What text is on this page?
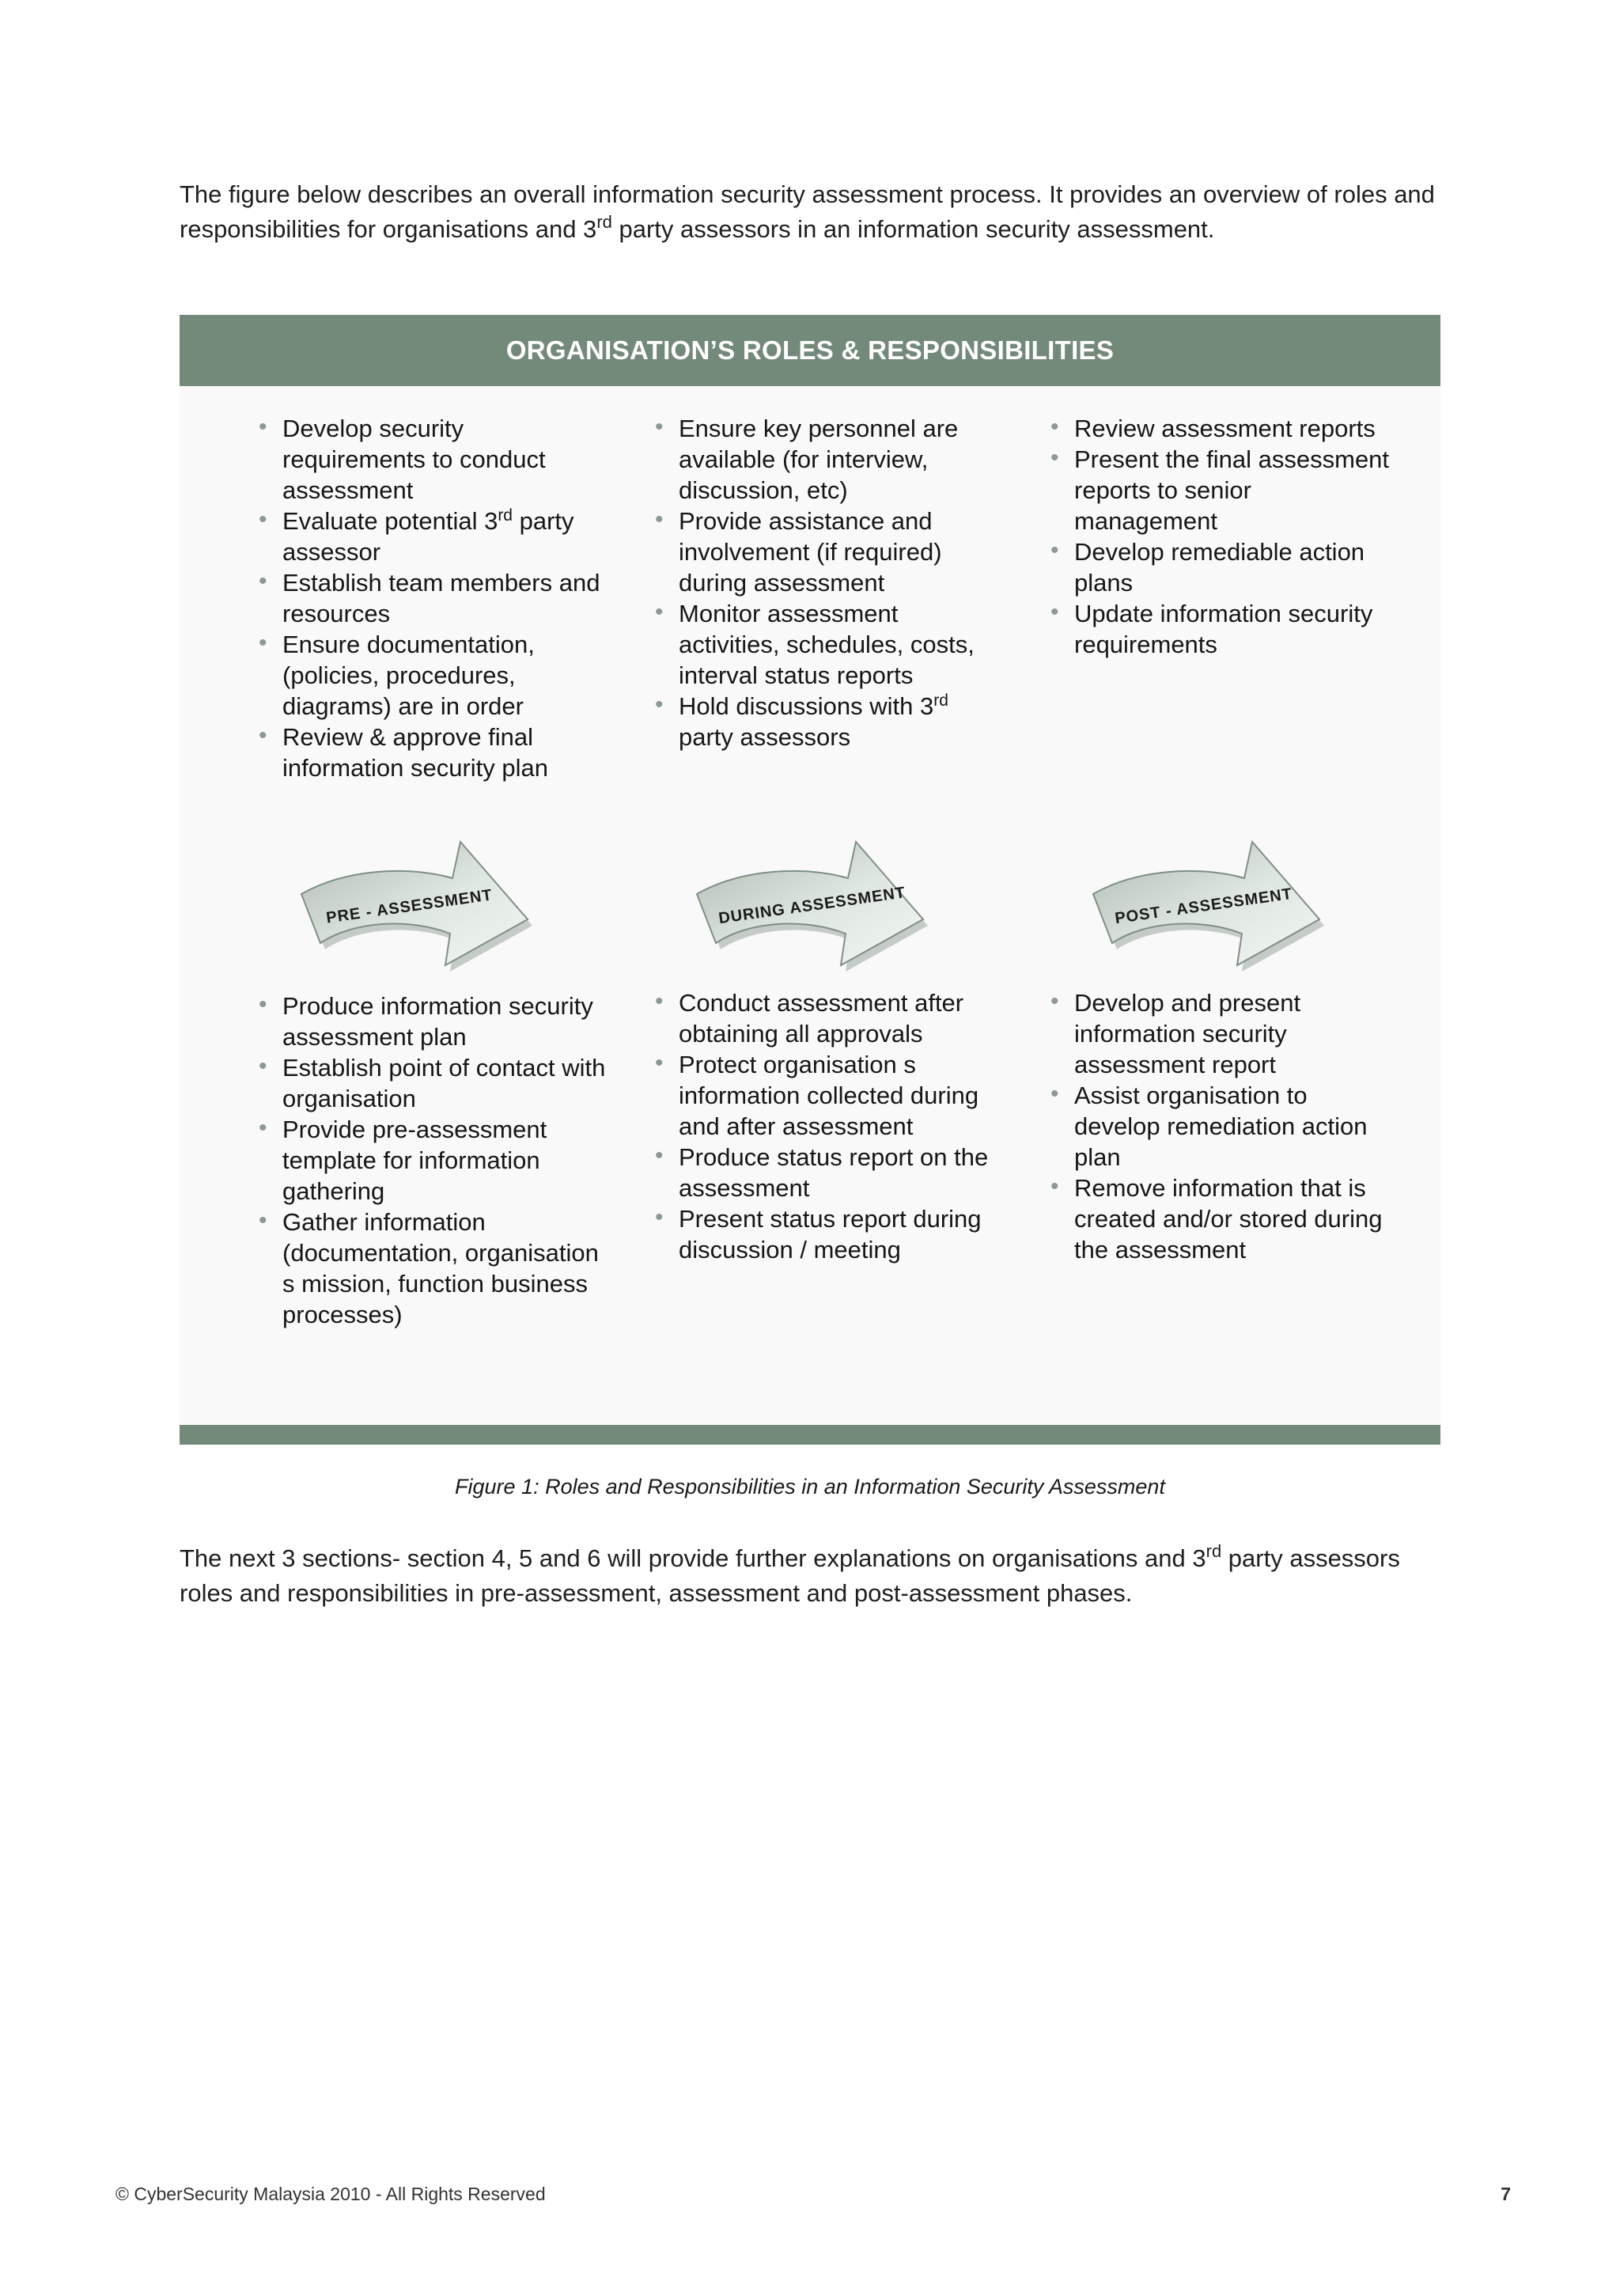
The figure below describes an overall information security assessment process. It provides an overview of roles and responsibilities for organisations and 3rd party assessors in an information security assessment.

ORGANISATION’S ROLES & RESPONSIBILITIES
• Develop security requirements to conduct assessment
• Evaluate potential 3rd party assessor
• Establish team members and resources
• Ensure documentation, (policies, procedures, diagrams) are in order
• Review & approve final information security plan
• Ensure key personnel are available (for interview, discussion, etc)
• Provide assistance and involvement (if required) during assessment
• Monitor assessment activities, schedules, costs, interval status reports
• Hold discussions with 3rd party assessors
• Review assessment reports
• Present the final assessment reports to senior management
• Develop remediable action plans
• Update information security requirements
PRE - ASSESSMENT	DURING ASSESSMENT	POST - ASSESSMENT
• Produce information security assessment plan
• Establish point of contact with organisation
• Provide pre-assessment template for information gathering
• Gather information (documentation, organisation s mission, function business processes)
• Conduct assessment after obtaining all approvals
• Protect organisation s information collected during and after assessment
• Produce status report on the assessment
• Present status report during discussion / meeting
• Develop and present information security assessment report
• Assist organisation to develop remediation action plan
• Remove information that is created and/or stored during the assessment
Figure 1: Roles and Responsibilities in an Information Security Assessment

The next 3 sections- section 4, 5 and 6 will provide further explanations on organisations and 3rd party assessors roles and responsibilities in pre-assessment, assessment and post-assessment phases.

© CyberSecurity Malaysia 2010 - All Rights Reserved	7
